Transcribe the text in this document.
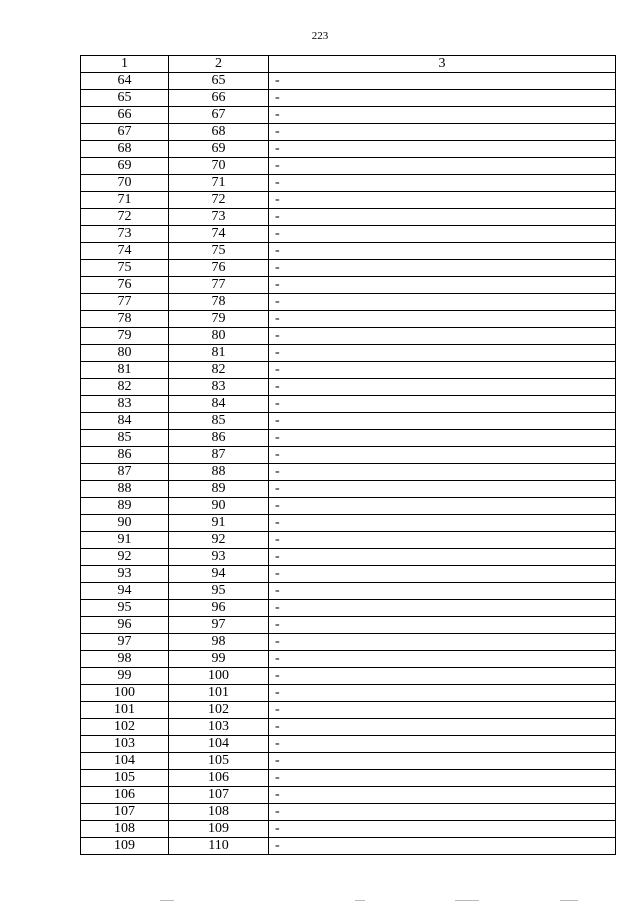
223
1	2	3
64	65	-
65	66	-
66	67	-
67	68	-
68	69	-
69	70	-
70	71	-
71	72	-
72	73	-
73	74	-
74	75	-
75	76	-
76	77	-
77	78	-
78	79	-
79	80	-
80	81	-
81	82	-
82	83	-
83	84	-
84	85	-
85	86	-
86	87	-
87	88	-
88	89	-
89	90	-
90	91	-
91	92	-
92	93	-
93	94	-
94	95	-
95	96	-
96	97	-
97	98	-
98	99	-
99	100	-
100	101	-
101	102	-
102	103	-
103	104	-
104	105	-
105	106	-
106	107	-
107	108	-
108	109	-
109	110	-
